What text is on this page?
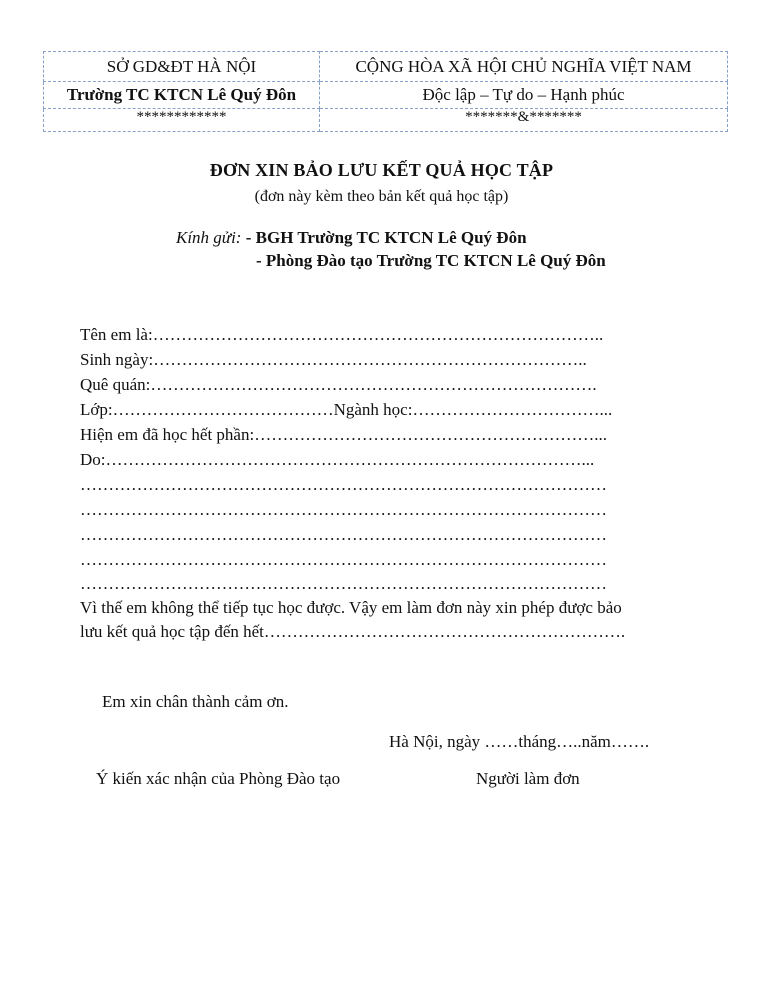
SỞ GD&ĐT HÀ NỘI	CỘNG HÒA XÃ HỘI CHỦ NGHĨA VIỆT NAM
Trường TC KTCN Lê Quý Đôn	Độc lập – Tự do – Hạnh phúc
************	*******&*******
ĐƠN XIN BẢO LƯU KẾT QUẢ HỌC TẬP
(đơn này kèm theo bản kết quả học tập)
Kính gửi: - BGH Trường TC KTCN Lê Quý Đôn
- Phòng Đào tạo Trường TC KTCN Lê Quý Đôn
Tên em là:……………………………………………………………………..
Sinh ngày:…………………………………………………………………..
Quê quán:…………………………………………………………………….
Lớp:…………………………………Ngành học:……………………………...
Hiện em đã học hết phần:……………………………………………………...
Do:…………………………………………………………………………...
…………………………………………………………………………………
…………………………………………………………………………………
…………………………………………………………………………………
…………………………………………………………………………………
…………………………………………………………………………………
Vì thế em không thể tiếp tục học được. Vậy em làm đơn này xin phép được bảo
lưu kết quả học tập đến hết……………………………………………………….
Em xin chân thành cảm ơn.
Hà Nội, ngày ……tháng…..năm…….
Ý kiến xác nhận của Phòng Đào tạo	Người làm đơn
